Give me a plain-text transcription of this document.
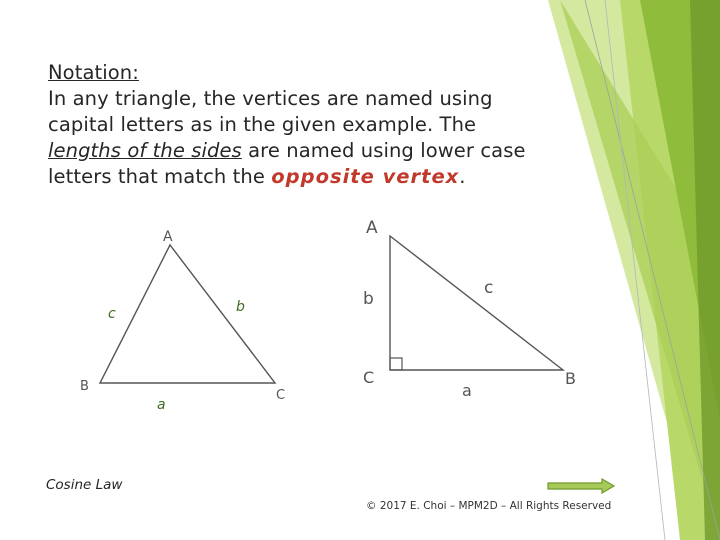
Notation:
In any triangle, the vertices are named using
capital letters as in the given example. The
lengths of the sides are named using lower case
letters that match the opposite vertex.
A
B
C
a
b
c
A
C	B
b
c
a
Cosine Law
© 2017 E. Choi – MPM2D – All Rights Reserved
